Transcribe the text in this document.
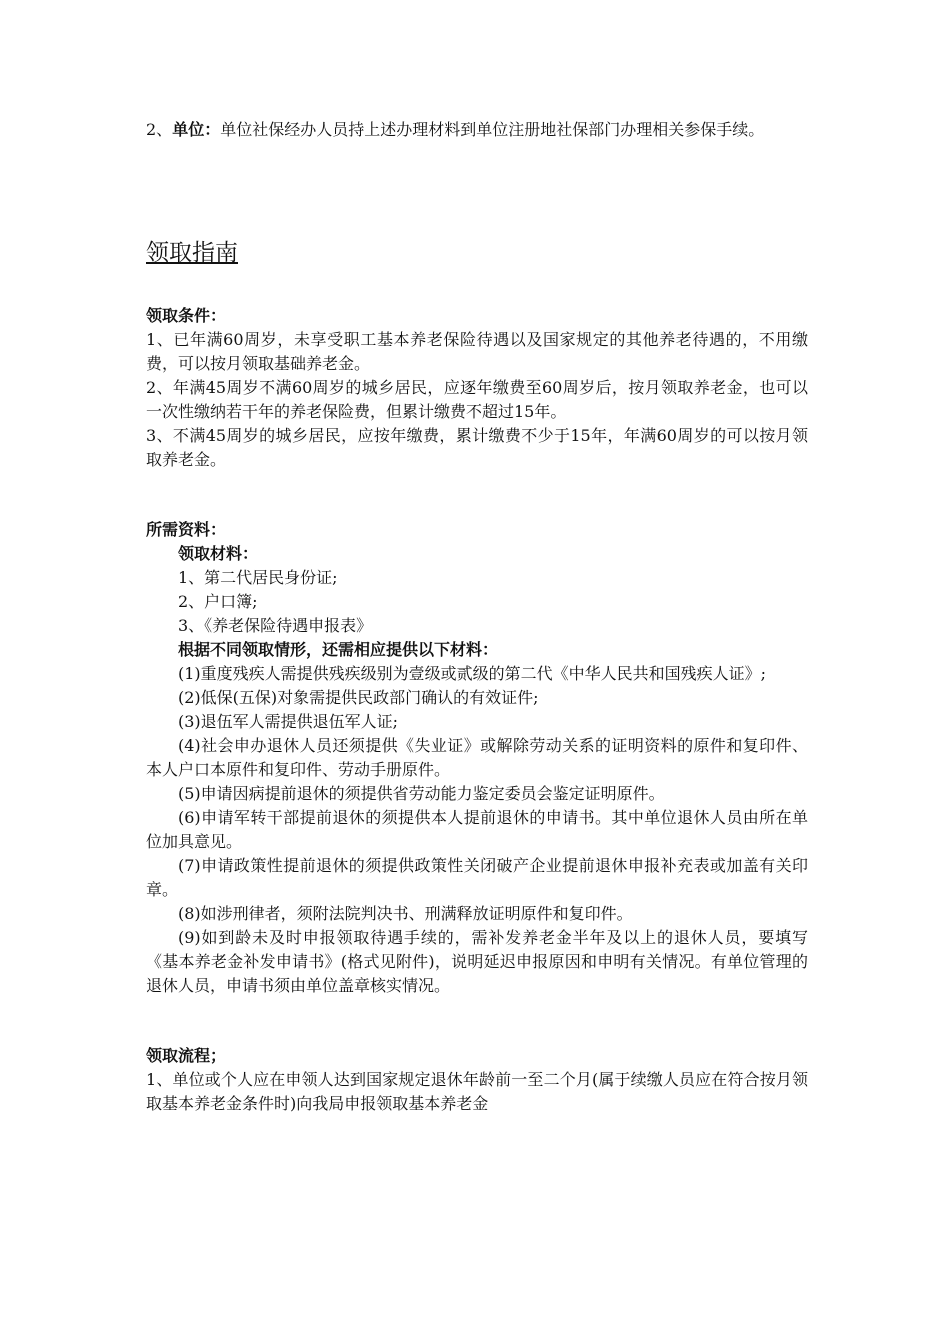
2、单位：单位社保经办人员持上述办理材料到单位注册地社保部门办理相关参保手续。

领取指南

领取条件：

1、已年满60周岁，未享受职工基本养老保险待遇以及国家规定的其他养老待遇的，不用缴费，可以按月领取基础养老金。

2、年满45周岁不满60周岁的城乡居民，应逐年缴费至60周岁后，按月领取养老金，也可以一次性缴纳若干年的养老保险费，但累计缴费不超过15年。

3、不满45周岁的城乡居民，应按年缴费，累计缴费不少于15年，年满60周岁的可以按月领取养老金。

所需资料：

领取材料：

1、第二代居民身份证;

2、户口簿;

3、《养老保险待遇申报表》

根据不同领取情形，还需相应提供以下材料：

(1)重度残疾人需提供残疾级别为壹级或贰级的第二代《中华人民共和国残疾人证》;

(2)低保(五保)对象需提供民政部门确认的有效证件;

(3)退伍军人需提供退伍军人证;

(4)社会申办退休人员还须提供《失业证》或解除劳动关系的证明资料的原件和复印件、本人户口本原件和复印件、劳动手册原件。

(5)申请因病提前退休的须提供省劳动能力鉴定委员会鉴定证明原件。

(6)申请军转干部提前退休的须提供本人提前退休的申请书。其中单位退休人员由所在单位加具意见。

(7)申请政策性提前退休的须提供政策性关闭破产企业提前退休申报补充表或加盖有关印章。

(8)如涉刑律者，须附法院判决书、刑满释放证明原件和复印件。

(9)如到龄未及时申报领取待遇手续的，需补发养老金半年及以上的退休人员，要填写《基本养老金补发申请书》(格式见附件)，说明延迟申报原因和申明有关情况。有单位管理的退休人员，申请书须由单位盖章核实情况。

领取流程；

1、单位或个人应在申领人达到国家规定退休年龄前一至二个月(属于续缴人员应在符合按月领取基本养老金条件时)向我局申报领取基本养老金
